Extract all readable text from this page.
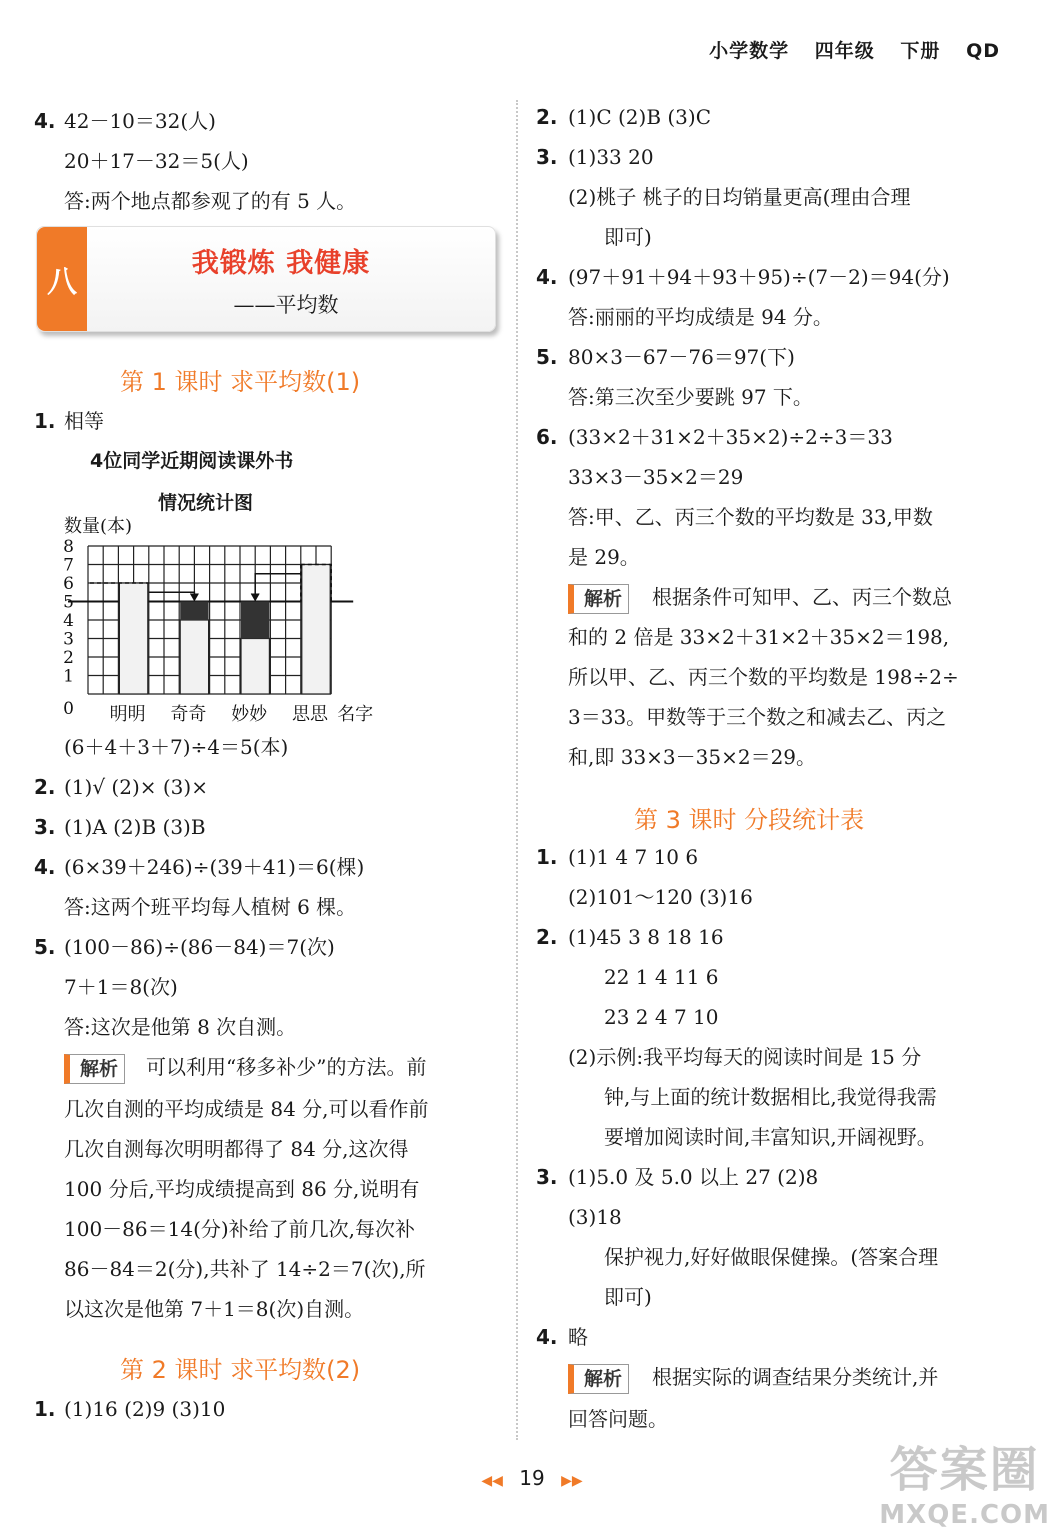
小学数学 四年级 下册 QD
4. 42－10＝32(人)
20＋17－32＝5(人)
答:两个地点都参观了的有 5 人。
八
我锻炼 我健康
——平均数
第 1 课时 求平均数(1)
1. 相等
4位同学近期阅读课外书
情况统计图
0
1
2
3
4
5
6
7
8
数量(本)
明明 奇奇 妙妙 思思 名字
(6＋4＋3＋7)÷4＝5(本)
2. (1)√ (2)× (3)×
3. (1)A (2)B (3)B
4. (6×39＋246)÷(39＋41)＝6(棵)
答:这两个班平均每人植树 6 棵。
5. (100－86)÷(86－84)＝7(次)
7＋1＝8(次)
答:这次是他第 8 次自测。
解析	可以利用“移多补少”的方法。前
几次自测的平均成绩是 84 分,可以看作前
几次自测每次明明都得了 84 分,这次得
100 分后,平均成绩提高到 86 分,说明有
100－86＝14(分)补给了前几次,每次补
86－84＝2(分),共补了 14÷2＝7(次),所
以这次是他第 7＋1＝8(次)自测。
第 2 课时 求平均数(2)
1. (1)16 (2)9 (3)10
2. (1)C (2)B (3)C
3. (1)33 20
(2)桃子 桃子的日均销量更高(理由合理
即可)
4. (97＋91＋94＋93＋95)÷(7－2)＝94(分)
答:丽丽的平均成绩是 94 分。
5. 80×3－67－76＝97(下)
答:第三次至少要跳 97 下。
6. (33×2＋31×2＋35×2)÷2÷3＝33
33×3－35×2＝29
答:甲、乙、丙三个数的平均数是 33,甲数
是 29。
解析	根据条件可知甲、乙、丙三个数总
和的 2 倍是 33×2＋31×2＋35×2＝198,
所以甲、乙、丙三个数的平均数是 198÷2÷
3＝33。甲数等于三个数之和减去乙、丙之
和,即 33×3－35×2＝29。
第 3 课时 分段统计表
1. (1)1 4 7 10 6
(2)101～120 (3)16
2. (1)45 3 8 18 16
22 1 4 11 6
23 2 4 7 10
(2)示例:我平均每天的阅读时间是 15 分
钟,与上面的统计数据相比,我觉得我需
要增加阅读时间,丰富知识,开阔视野。
3. (1)5.0 及 5.0 以上 27 (2)8
(3)18
保护视力,好好做眼保健操。(答案合理
即可)
4. 略
解析	根据实际的调查结果分类统计,并
回答问题。
◀◀ 19 ▶▶	答案圈
MXQE.COM
